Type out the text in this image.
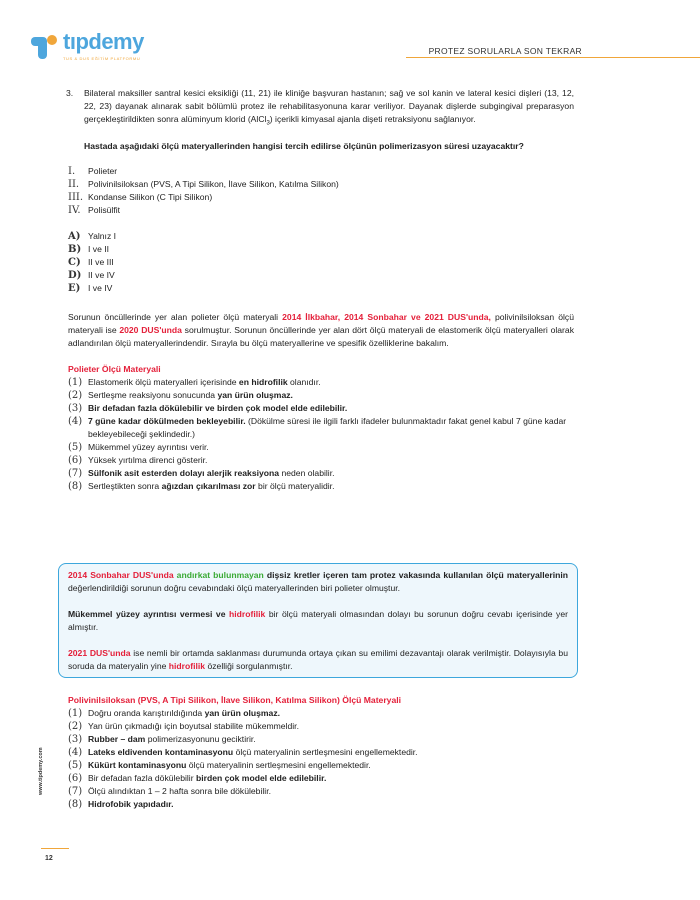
tıpdemy
TUS & DUS EĞİTİM PLATFORMU
PROTEZ SORULARLA SON TEKRAR
3. Bilateral maksiller santral kesici eksikliği (11, 21) ile kliniğe başvuran hastanın; sağ ve sol kanin ve lateral kesici dişleri (13, 12, 22, 23) dayanak alınarak sabit bölümlü protez ile rehabilitasyonuna karar veriliyor. Dayanak dişlerde subgingival preparasyon gerçekleştirildikten sonra alüminyum klorid (AlCl$_3$) içerikli kimyasal ajanla dişeti retraksiyonu sağlanıyor.

Hastada aşağıdaki ölçü materyallerinden hangisi tercih edilirse ölçünün polimerizasyon süresi uzayacaktır?

I. Polieter
II. Polivinilsiloksan (PVS, A Tipi Silikon, İlave Silikon, Katılma Silikon)
III. Kondanse Silikon (C Tipi Silikon)
IV. Polisülfit
A) Yalnız I
B) I ve II
C) II ve III
D) II ve IV
E) I ve IV

Sorunun öncüllerinde yer alan polieter ölçü materyali 2014 İlkbahar, 2014 Sonbahar ve 2021 DUS'unda, polivinilsiloksan ölçü materyali ise 2020 DUS'unda sorulmuştur. Sorunun öncüllerinde yer alan dört ölçü materyali de elastomerik ölçü materyalleri olarak adlandırılan ölçü materyallerindendir. Sırayla bu ölçü materyallerine ve spesifik özelliklerine bakalım.

Polieter Ölçü Materyali

(1) Elastomerik ölçü materyalleri içerisinde en hidrofilik olanıdır.
(2) Sertleşme reaksiyonu sonucunda yan ürün oluşmaz.
(3) Bir defadan fazla dökülebilir ve birden çok model elde edilebilir.
(4) 7 güne kadar dökülmeden bekleyebilir. (Dökülme süresi ile ilgili farklı ifadeler bulunmaktadır fakat genel kabul 7 güne kadar bekleyebileceği şeklindedir.)
(5) Mükemmel yüzey ayrıntısı verir.
(6) Yüksek yırtılma direnci gösterir.
(7) Sülfonik asit esterden dolayı alerjik reaksiyona neden olabilir.
(8) Sertleştikten sonra ağızdan çıkarılması zor bir ölçü materyalidir.

2014 Sonbahar DUS'unda andırkat bulunmayan dişsiz kretler içeren tam protez vakasında kullanılan ölçü materyallerinin değerlendirildiği sorunun doğru cevabındaki ölçü materyallerinden biri polieter olmuştur.

Mükemmel yüzey ayrıntısı vermesi ve hidrofilik bir ölçü materyali olmasından dolayı bu sorunun doğru cevabı içerisinde yer almıştır.

2021 DUS'unda ise nemli bir ortamda saklanması durumunda ortaya çıkan su emilimi dezavantajı olarak verilmiştir. Dolayısıyla bu soruda da materyalin yine hidrofilik özelliği sorgulanmıştır.

Polivinilsiloksan (PVS, A Tipi Silikon, İlave Silikon, Katılma Silikon) Ölçü Materyali

(1) Doğru oranda karıştırıldığında yan ürün oluşmaz.
(2) Yan ürün çıkmadığı için boyutsal stabilite mükemmeldir.
(3) Rubber – dam polimerizasyonunu geciktirir.
(4) Lateks eldivenden kontaminasyonu ölçü materyalinin sertleşmesini engellemektedir.
(5) Kükürt kontaminasyonu ölçü materyalinin sertleşmesini engellemektedir.
(6) Bir defadan fazla dökülebilir birden çok model elde edilebilir.
(7) Ölçü alındıktan 1 – 2 hafta sonra bile dökülebilir.
(8) Hidrofobik yapıdadır.
www.tipdemy.com
12
